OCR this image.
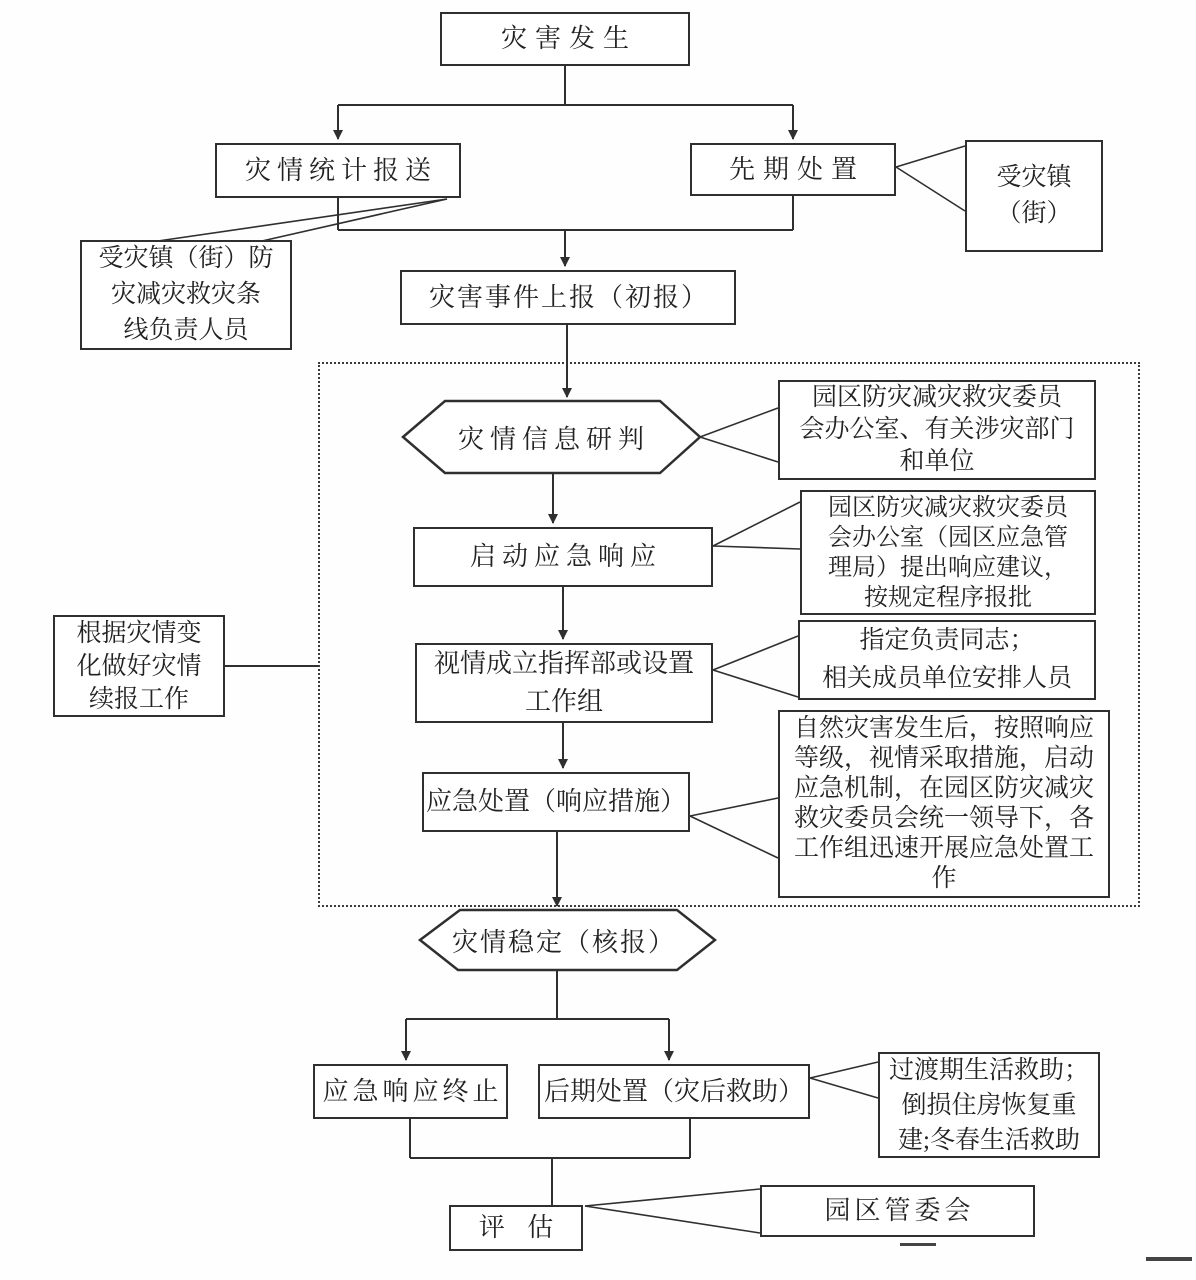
灾害发生
灾情统计报送	先期处置
灾害事件上报（初报）
灾情信息研判
启动应急响应
视情成立指挥部或设置
工作组
应急处置（响应措施）
灾情稳定（核报）
应急响应终止 后期处置（灾后救助）
评 估
受灾镇（街）防
灾减灾救灾条
线负责人员
受灾镇
（街）
园区防灾减灾救灾委员
会办公室、有关涉灾部门
和单位
园区防灾减灾救灾委员
会办公室（园区应急管
理局）提出响应建议，
按规定程序报批
指定负责同志；
相关成员单位安排人员
自然灾害发生后，按照响应
等级，视情采取措施，启动
应急机制，在园区防灾减灾
救灾委员会统一领导下，各
工作组迅速开展应急处置工
作
根据灾情变
化做好灾情
续报工作
过渡期生活救助；
倒损住房恢复重
建;冬春生活救助
园区管委会
